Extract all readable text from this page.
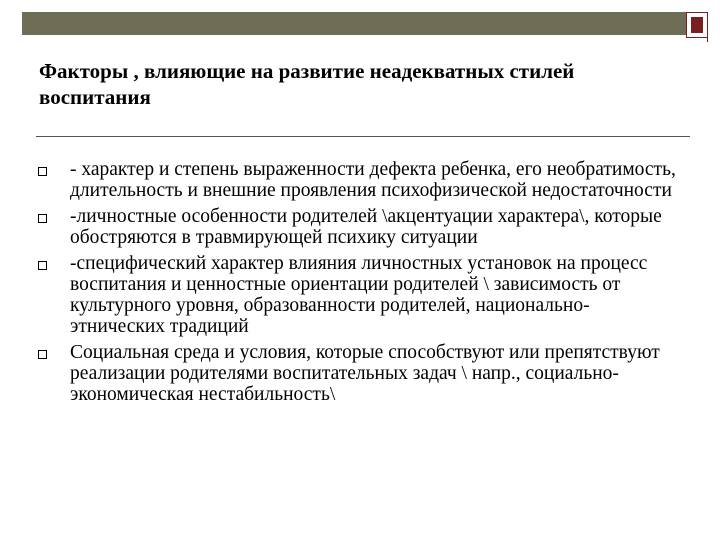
Факторы , влияющие на развитие неадекватных стилей воспитания
- характер и степень выраженности дефекта ребенка, его необратимость, длительность и внешние проявления психофизической недостаточности
-личностные особенности родителей \акцентуации характера\, которые обостряются в травмирующей психику ситуации
-специфический характер влияния личностных установок на процесс воспитания и ценностные ориентации родителей \ зависимость от культурного уровня, образованности родителей, национально-этнических традиций
Социальная среда и условия, которые способствуют или препятствуют реализации родителями воспитательных задач \ напр., социально-экономическая нестабильность\
